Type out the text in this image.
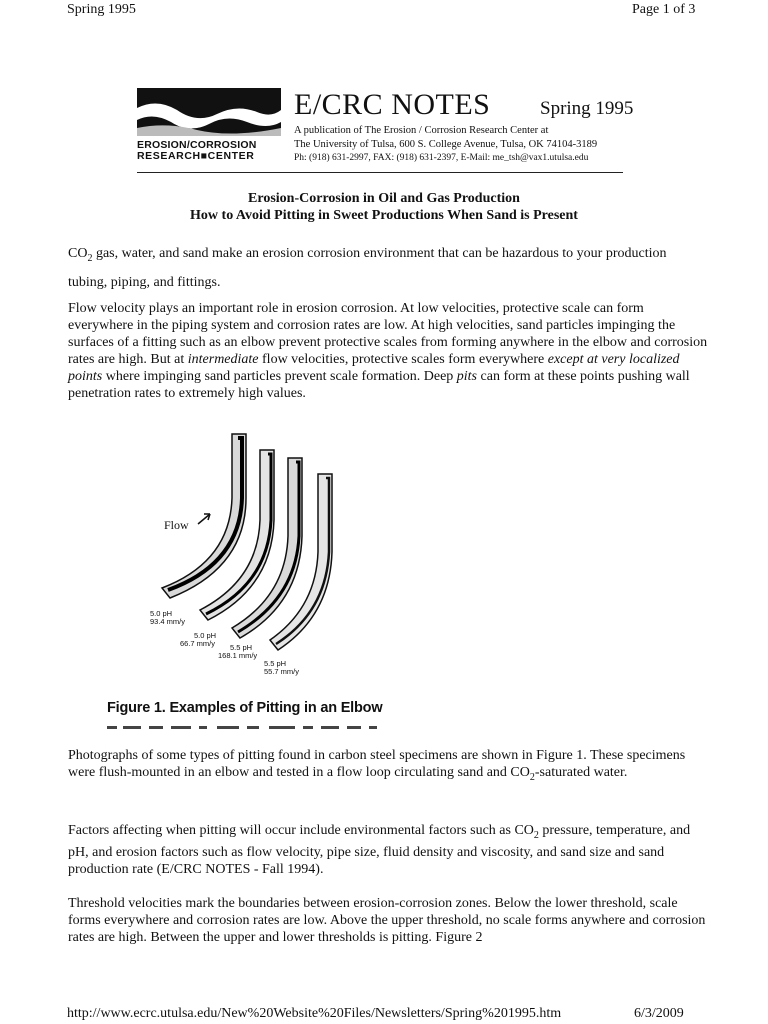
Spring 1995	Page 1 of 3
EROSION/CORROSION
RESEARCH■CENTER
E/CRC NOTES	Spring 1995
A publication of The Erosion / Corrosion Research Center at
The University of Tulsa, 600 S. College Avenue, Tulsa, OK 74104-3189
Ph: (918) 631-2997, FAX: (918) 631-2397, E-Mail: me_tsh@vax1.utulsa.edu
Erosion-Corrosion in Oil and Gas Production
How to Avoid Pitting in Sweet Productions When Sand is Present
$CO_2$ gas, water, and sand make an erosion corrosion environment that can be hazardous to your production tubing, piping, and fittings.
Flow velocity plays an important role in erosion corrosion. At low velocities, protective scale can form everywhere in the piping system and corrosion rates are low. At high velocities, sand particles impinging the surfaces of a fitting such as an elbow prevent protective scales from forming anywhere in the elbow and corrosion rates are high. But at intermediate flow velocities, protective scales form everywhere except at very localized points where impinging sand particles prevent scale formation. Deep pits can form at these points pushing wall penetration rates to extremely high values.
Flow
5.0 pH
93.4 mm/y
5.0 pH
66.7 mm/y	5.5 pH
168.1 mm/y
5.5 pH
55.7 mm/y
Figure 1. Examples of Pitting in an Elbow
Photographs of some types of pitting found in carbon steel specimens are shown in Figure 1. These specimens were flush-mounted in an elbow and tested in a flow loop circulating sand and $CO_2$-saturated water.
Factors affecting when pitting will occur include environmental factors such as $CO_2$ pressure, temperature, and pH, and erosion factors such as flow velocity, pipe size, fluid density and viscosity, and sand size and sand production rate (E/CRC NOTES - Fall 1994).
Threshold velocities mark the boundaries between erosion-corrosion zones. Below the lower threshold, scale forms everywhere and corrosion rates are low. Above the upper threshold, no scale forms anywhere and corrosion rates are high. Between the upper and lower thresholds is pitting. Figure 2
http://www.ecrc.utulsa.edu/New%20Website%20Files/Newsletters/Spring%201995.htm	6/3/2009
